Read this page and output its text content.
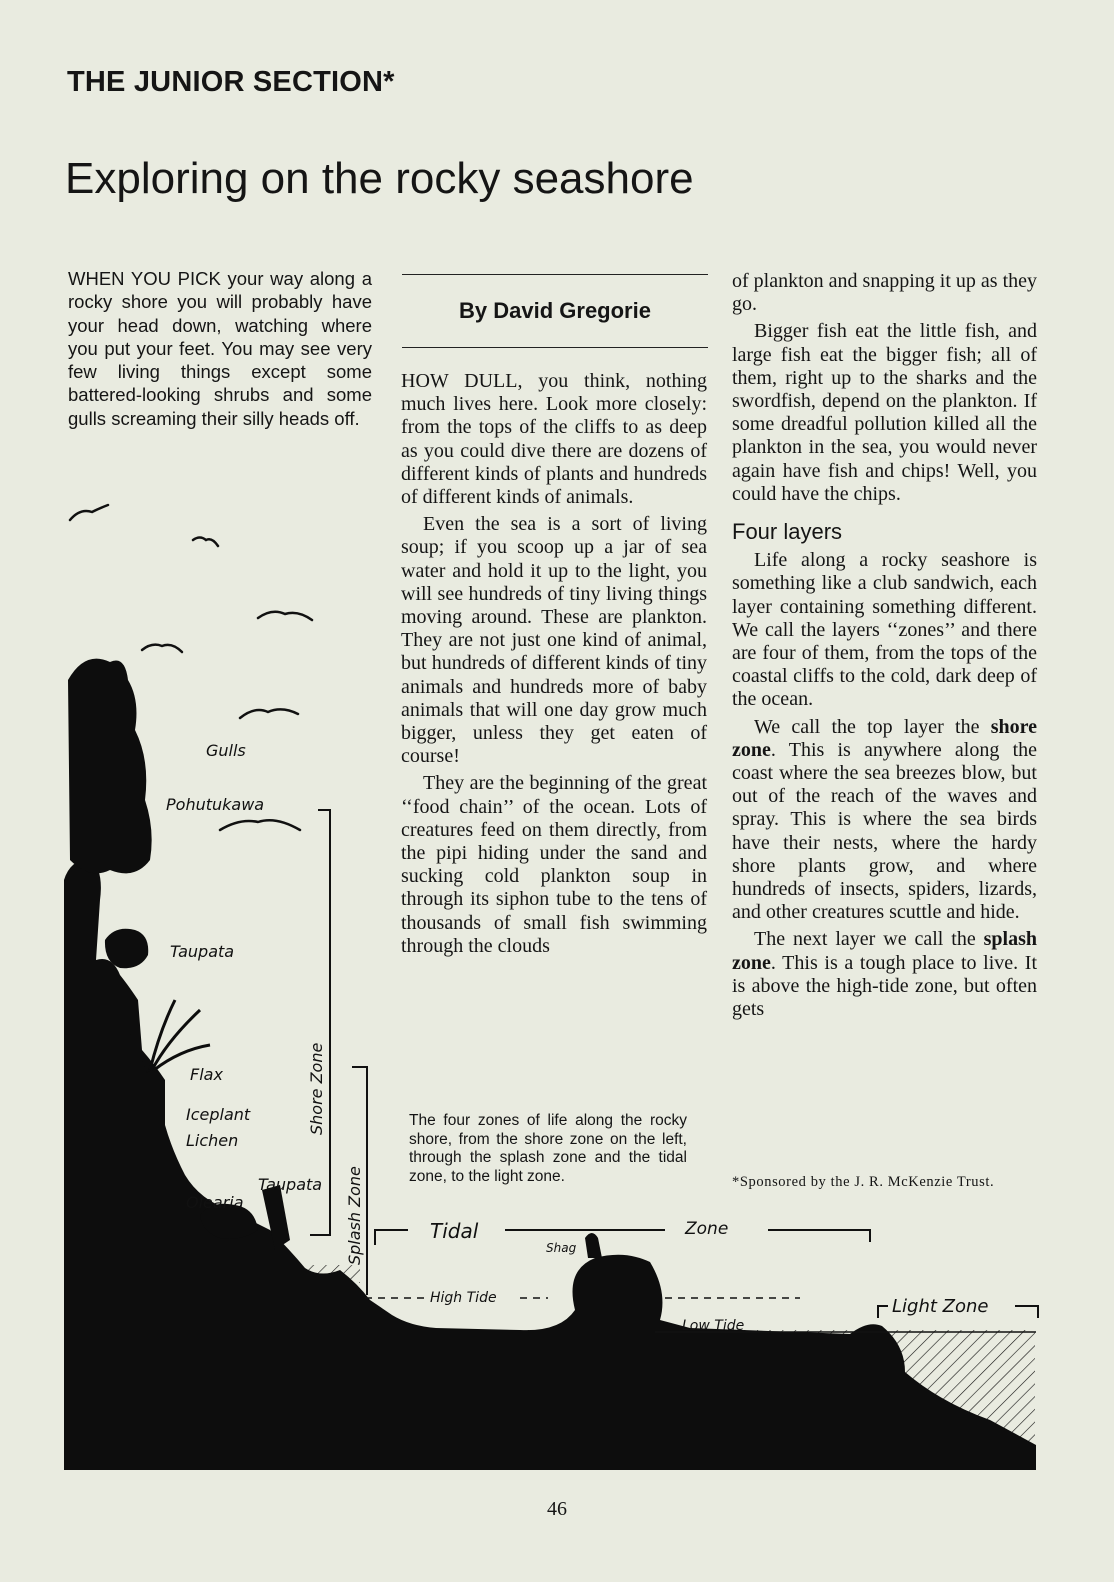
THE JUNIOR SECTION*
Exploring on the rocky seashore

WHEN YOU PICK your way along a rocky shore you will probably have your head down, watching where you put your feet. You may see very few living things except some battered-looking shrubs and some gulls screaming their silly heads off.

By David Gregorie

HOW DULL, you think, nothing much lives here. Look more closely: from the tops of the cliffs to as deep as you could dive there are dozens of different kinds of plants and hundreds of different kinds of animals.

Even the sea is a sort of living soup; if you scoop up a jar of sea water and hold it up to the light, you will see hundreds of tiny living things moving around. These are plankton. They are not just one kind of animal, but hundreds of different kinds of tiny animals and hundreds more of baby animals that will one day grow much bigger, unless they get eaten of course!

They are the beginning of the great ‘‘food chain’’ of the ocean. Lots of creatures feed on them directly, from the pipi hiding under the sand and sucking cold plankton soup in through its siphon tube to the tens of thousands of small fish swimming through the clouds

of plankton and snapping it up as they go.

Bigger fish eat the little fish, and large fish eat the bigger fish; all of them, right up to the sharks and the swordfish, depend on the plankton. If some dreadful pollution killed all the plankton in the sea, you would never again have fish and chips! Well, you could have the chips.

Four layers

Life along a rocky seashore is something like a club sandwich, each layer containing something different. We call the layers ‘‘zones’’ and there are four of them, from the tops of the coastal cliffs to the cold, dark deep of the ocean.

We call the top layer the shore zone. This is anywhere along the coast where the sea breezes blow, but out of the reach of the waves and spray. This is where the sea birds have their nests, where the hardy shore plants grow, and where hundreds of insects, spiders, lizards, and other creatures scuttle and hide.

The next layer we call the splash zone. This is a tough place to live. It is above the high-tide zone, but often gets

The four zones of life along the rocky shore, from the shore zone on the left, through the splash zone and the tidal zone, to the light zone.	*Sponsored by the J. R. McKenzie Trust.

Gulls
Pohutukawa
Taupata
Flax
Iceplant
Lichen
Taupata
Olearia
Shore Zone
Splash Zone	Tidal	Zone
Shag
High Tide
Low Tide
Light Zone
46
